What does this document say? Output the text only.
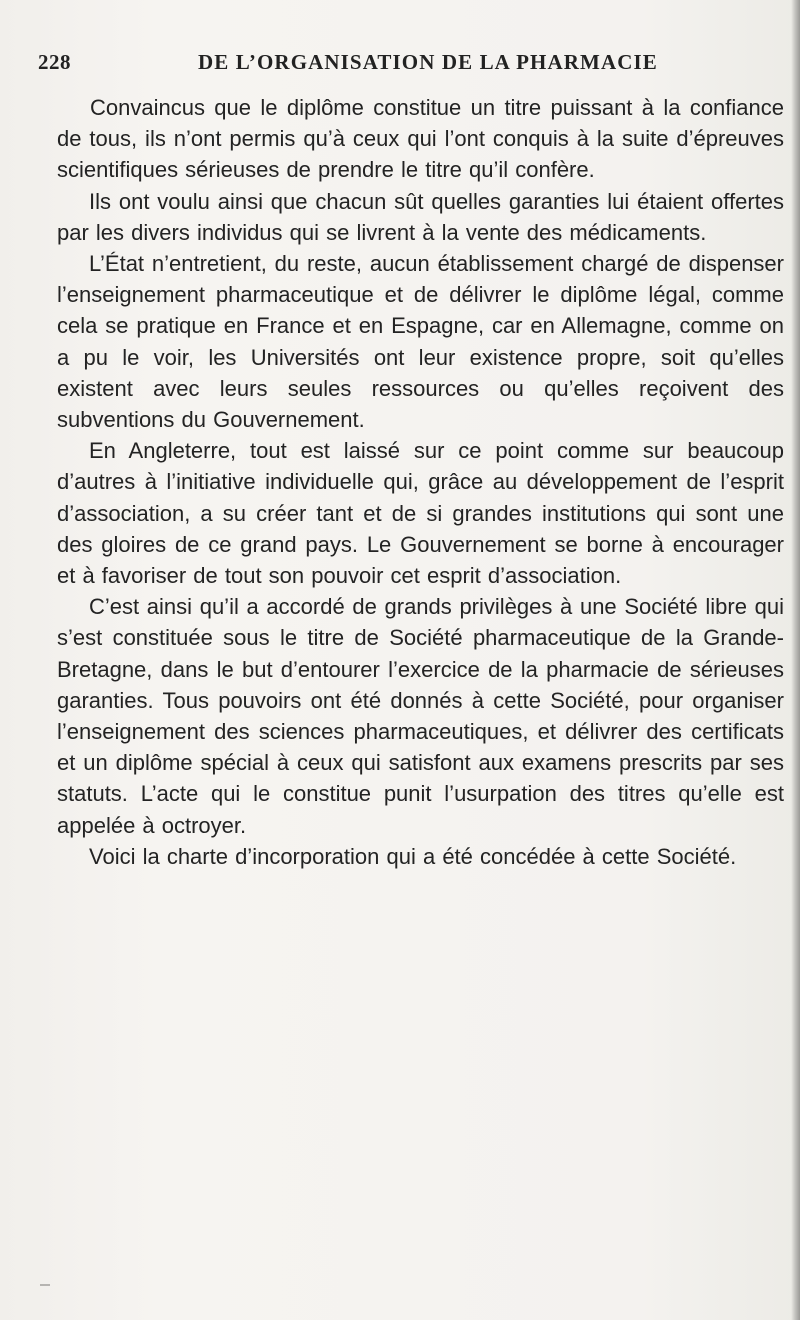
228	DE L’ORGANISATION DE LA PHARMACIE

Convaincus que le diplôme constitue un titre puissant à la confiance de tous, ils n’ont permis qu’à ceux qui l’ont conquis à la suite d’épreuves scientifiques sérieuses de prendre le titre qu’il confère.

Ils ont voulu ainsi que chacun sût quelles garanties lui étaient offertes par les divers individus qui se livrent à la vente des médicaments.

L’État n’entretient, du reste, aucun établissement chargé de dispenser l’enseignement pharmaceutique et de délivrer le diplôme légal, comme cela se pratique en France et en Espagne, car en Allemagne, comme on a pu le voir, les Universités ont leur existence propre, soit qu’elles existent avec leurs seules ressources ou qu’elles reçoivent des subventions du Gouvernement.

En Angleterre, tout est laissé sur ce point comme sur beaucoup d’autres à l’initiative individuelle qui, grâce au développement de l’esprit d’association, a su créer tant et de si grandes institutions qui sont une des gloires de ce grand pays. Le Gouvernement se borne à encourager et à favoriser de tout son pouvoir cet esprit d’association.

C’est ainsi qu’il a accordé de grands privilèges à une Société libre qui s’est constituée sous le titre de Société pharmaceutique de la Grande-Bretagne, dans le but d’entourer l’exercice de la pharmacie de sérieuses garanties. Tous pouvoirs ont été donnés à cette Société, pour organiser l’enseignement des sciences pharmaceutiques, et délivrer des certificats et un diplôme spécial à ceux qui satisfont aux examens prescrits par ses statuts. L’acte qui le constitue punit l’usurpation des titres qu’elle est appelée à octroyer.

Voici la charte d’incorporation qui a été concédée à cette Société.
